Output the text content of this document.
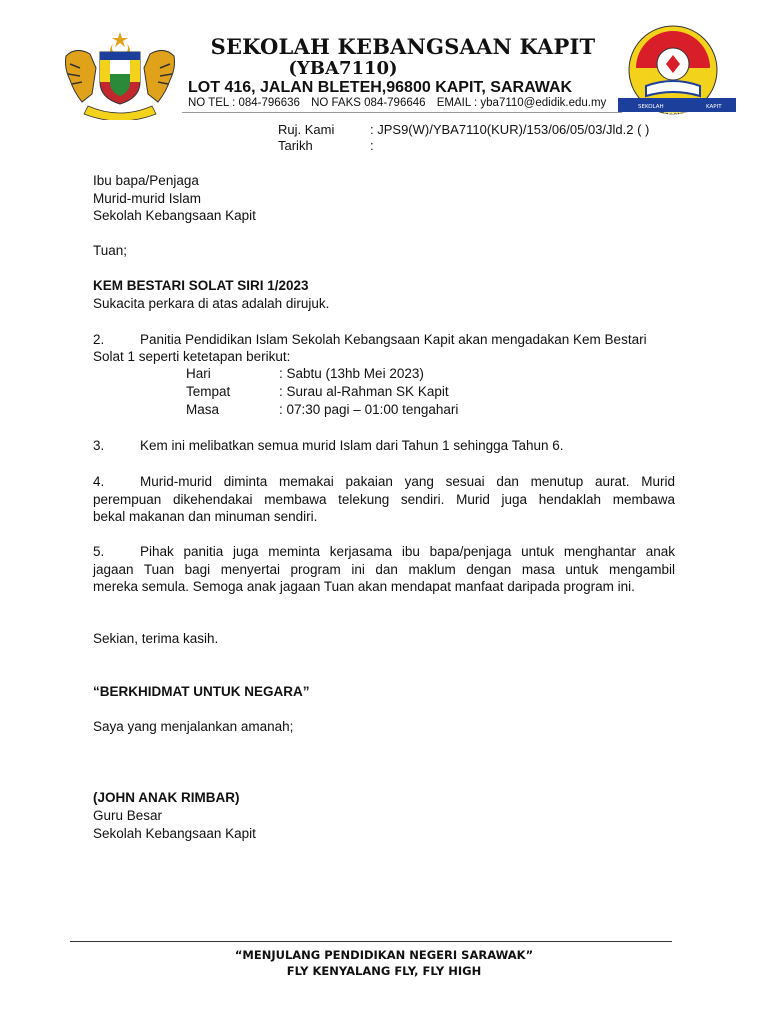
SEKOLAH KEBANGSAAN KAPIT
(YBA7110)
LOT 416, JALAN BLETEH,96800 KAPIT, SARAWAK
NO TEL : 084-796636 NO FAKS 084-796646 EMAIL : yba7110@edidik.edu.my	SEKOLAH
KEBANGSAAN
KAPIT
Ruj. Kami	: JPS9(W)/YBA7110(KUR)/153/06/05/03/Jld.2 ( )
Tarikh	:
Ibu bapa/Penjaga
Murid-murid Islam
Sekolah Kebangsaan Kapit
Tuan;
KEM BESTARI SOLAT SIRI 1/2023
Sukacita perkara di atas adalah dirujuk.
2.	Panitia Pendidikan Islam Sekolah Kebangsaan Kapit akan mengadakan Kem Bestari
Solat 1 seperti ketetapan berikut:
Hari	: Sabtu (13hb Mei 2023)
Tempat	: Surau al-Rahman SK Kapit
Masa	: 07:30 pagi – 01:00 tengahari
3.	Kem ini melibatkan semua murid Islam dari Tahun 1 sehingga Tahun 6.
4.	Murid-murid diminta memakai pakaian yang sesuai dan menutup aurat. Murid
perempuan dikehendakai membawa telekung sendiri. Murid juga hendaklah membawa
bekal makanan dan minuman sendiri.
5.	Pihak panitia juga meminta kerjasama ibu bapa/penjaga untuk menghantar anak
jagaan Tuan bagi menyertai program ini dan maklum dengan masa untuk mengambil
mereka semula. Semoga anak jagaan Tuan akan mendapat manfaat daripada program ini.
Sekian, terima kasih.
“BERKHIDMAT UNTUK NEGARA”
Saya yang menjalankan amanah;
(JOHN ANAK RIMBAR)
Guru Besar
Sekolah Kebangsaan Kapit
“MENJULANG PENDIDIKAN NEGERI SARAWAK”
FLY KENYALANG FLY, FLY HIGH
